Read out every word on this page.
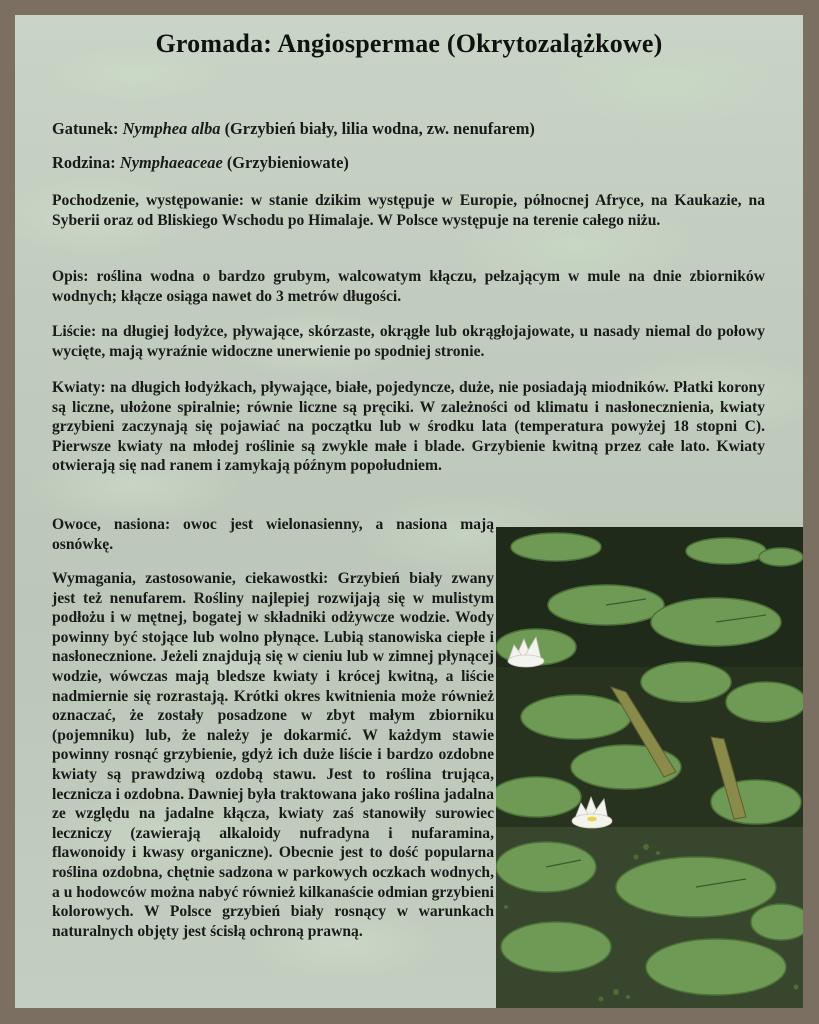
Gromada: Angiospermae (Okrytozalążkowe)

Gatunek: Nymphea alba (Grzybień biały, lilia wodna, zw. nenufarem)

Rodzina: Nymphaeaceae (Grzybieniowate)

Pochodzenie, występowanie: w stanie dzikim występuje w Europie, północnej Afryce, na Kaukazie, na Syberii oraz od Bliskiego Wschodu po Himalaje. W Polsce występuje na terenie całego niżu.

Opis: roślina wodna o bardzo grubym, walcowatym kłączu, pełzającym w mule na dnie zbiorników wodnych; kłącze osiąga nawet do 3 metrów długości.

Liście: na długiej łodyżce, pływające, skórzaste, okrągłe lub okrągłojajowate, u nasady niemal do połowy wycięte, mają wyraźnie widoczne unerwienie po spodniej stronie.

Kwiaty: na długich łodyżkach, pływające, białe, pojedyncze, duże, nie posiadają miodników. Płatki korony są liczne, ułożone spiralnie; równie liczne są pręciki. W zależności od klimatu i nasłonecznienia, kwiaty grzybieni zaczynają się pojawiać na początku lub w środku lata (temperatura powyżej 18 stopni C). Pierwsze kwiaty na młodej roślinie są zwykle małe i blade. Grzybienie kwitną przez całe lato. Kwiaty otwierają się nad ranem i zamykają późnym popołudniem.

Owoce, nasiona: owoc jest wielonasienny, a nasiona mają osnówkę.

Wymagania, zastosowanie, ciekawostki: Grzybień biały zwany jest też nenufarem. Rośliny najlepiej rozwijają się w mulistym podłożu i w mętnej, bogatej w składniki odżywcze wodzie. Wody powinny być stojące lub wolno płynące. Lubią stanowiska ciepłe i nasłonecznione. Jeżeli znajdują się w cieniu lub w zimnej płynącej wodzie, wówczas mają bledsze kwiaty i krócej kwitną, a liście nadmiernie się rozrastają. Krótki okres kwitnienia może również oznaczać, że zostały posadzone w zbyt małym zbiorniku (pojemniku) lub, że należy je dokarmić. W każdym stawie powinny rosnąć grzybienie, gdyż ich duże liście i bardzo ozdobne kwiaty są prawdziwą ozdobą stawu. Jest to roślina trująca, lecznicza i ozdobna. Dawniej była traktowana jako roślina jadalna ze względu na jadalne kłącza, kwiaty zaś stanowiły surowiec leczniczy (zawierają alkaloidy nufradyna i nufaramina, flawonoidy i kwasy organiczne). Obecnie jest to dość popularna roślina ozdobna, chętnie sadzona w parkowych oczkach wodnych, a u hodowców można nabyć również kilkanaście odmian grzybieni kolorowych. W Polsce grzybień biały rosnący w warunkach naturalnych objęty jest ścisłą ochroną prawną.
